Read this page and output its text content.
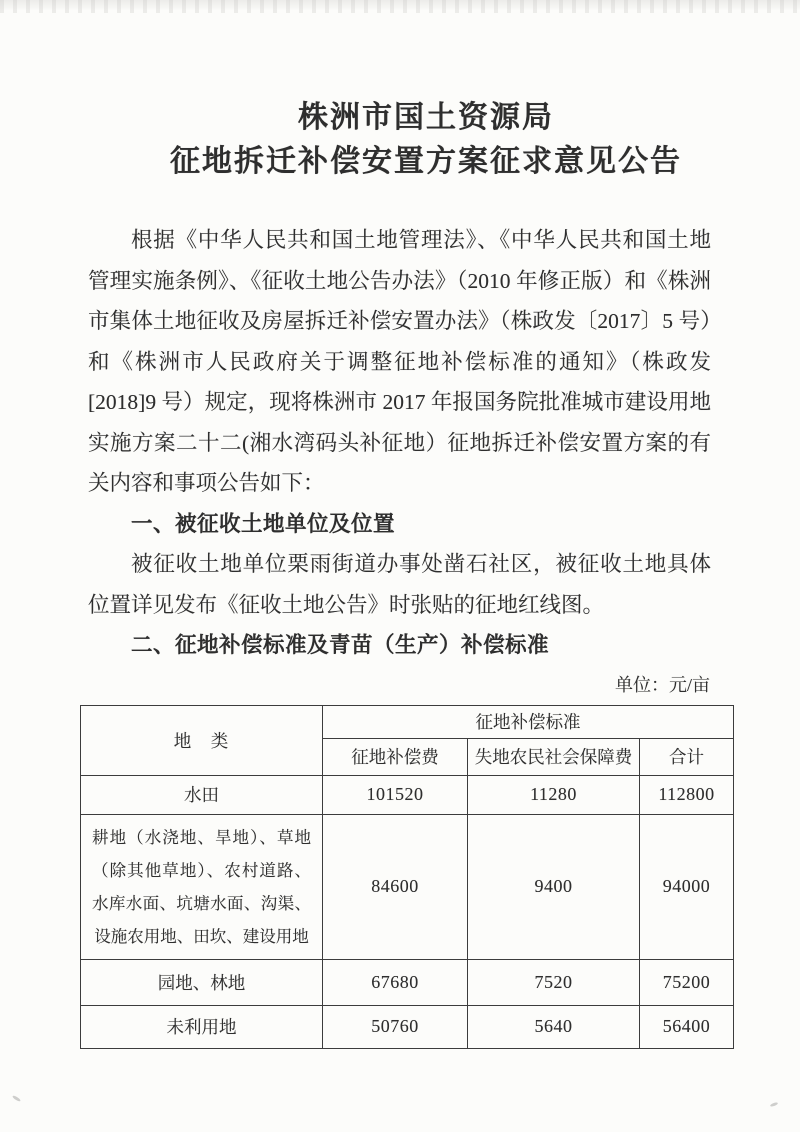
株洲市国土资源局
征地拆迁补偿安置方案征求意见公告

根据《中华人民共和国土地管理法》、《中华人民共和国土地管理实施条例》、《征收土地公告办法》（2010 年修正版）和《株洲市集体土地征收及房屋拆迁补偿安置办法》（株政发〔2017〕5 号）和《株洲市人民政府关于调整征地补偿标准的通知》（株政发[2018]9 号）规定，现将株洲市 2017 年报国务院批准城市建设用地实施方案二十二(湘水湾码头补征地）征地拆迁补偿安置方案的有关内容和事项公告如下：

一、被征收土地单位及位置

被征收土地单位栗雨街道办事处凿石社区，被征收土地具体位置详见发布《征收土地公告》时张贴的征地红线图。

二、征地补偿标准及青苗（生产）补偿标准
单位：元/亩
地　类	征地补偿标准		
	征地补偿费	失地农民社会保障费	合计
水田	101520	11280	112800
耕地（水浇地、旱地）、草地（除其他草地）、农村道路、水库水面、坑塘水面、沟渠、设施农用地、田坎、建设用地	84600	9400	94000
园地、林地	67680	7520	75200
未利用地	50760	5640	56400
